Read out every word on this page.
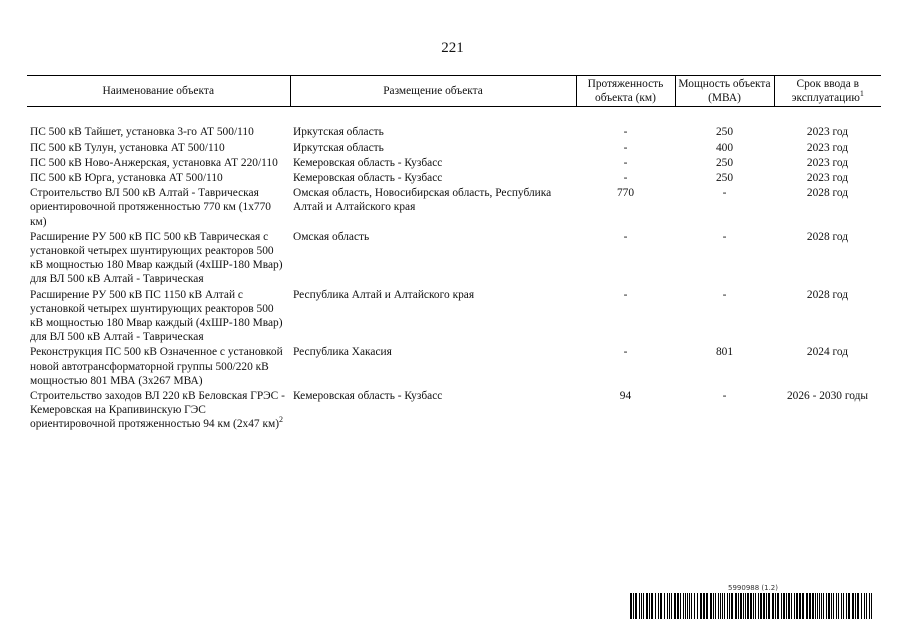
221
Наименование объекта	Размещение объекта	Протяженность объекта (км)	Мощность объекта (МВА)	Срок ввода в эксплуатацию$^1$

ПС 500 кВ Тайшет, установка 3-го АТ 500/110	Иркутская область	-	250	2023 год
ПС 500 кВ Тулун, установка АТ 500/110	Иркутская область	-	400	2023 год
ПС 500 кВ Ново-Анжерская, установка АТ 220/110	Кемеровская область - Кузбасс	-	250	2023 год
ПС 500 кВ Юрга, установка АТ 500/110	Кемеровская область - Кузбасс	-	250	2023 год
Строительство ВЛ 500 кВ Алтай - Таврическая ориентировочной протяженностью 770 км (1х770 км)	Омская область, Новосибирская область, Республика Алтай и Алтайского края	770	-	2028 год
Расширение РУ 500 кВ ПС 500 кВ Таврическая с установкой четырех шунтирующих реакторов 500 кВ мощностью 180 Мвар каждый (4хШР-180 Мвар) для ВЛ 500 кВ Алтай - Таврическая	Омская область	-	-	2028 год
Расширение РУ 500 кВ ПС 1150 кВ Алтай с установкой четырех шунтирующих реакторов 500 кВ мощностью 180 Мвар каждый (4хШР-180 Мвар) для ВЛ 500 кВ Алтай - Таврическая	Республика Алтай и Алтайского края	-	-	2028 год
Реконструкция ПС 500 кВ Означенное с установкой новой автотрансформаторной группы 500/220 кВ мощностью 801 МВА (3х267 МВА)	Республика Хакасия	-	801	2024 год
Строительство заходов ВЛ 220 кВ Беловская ГРЭС - Кемеровская на Крапивинскую ГЭС ориентировочной протяженностью 94 км (2х47 км)$^2$	Кемеровская область - Кузбасс	94	-	2026 - 2030 годы
5990988 (1.2)
